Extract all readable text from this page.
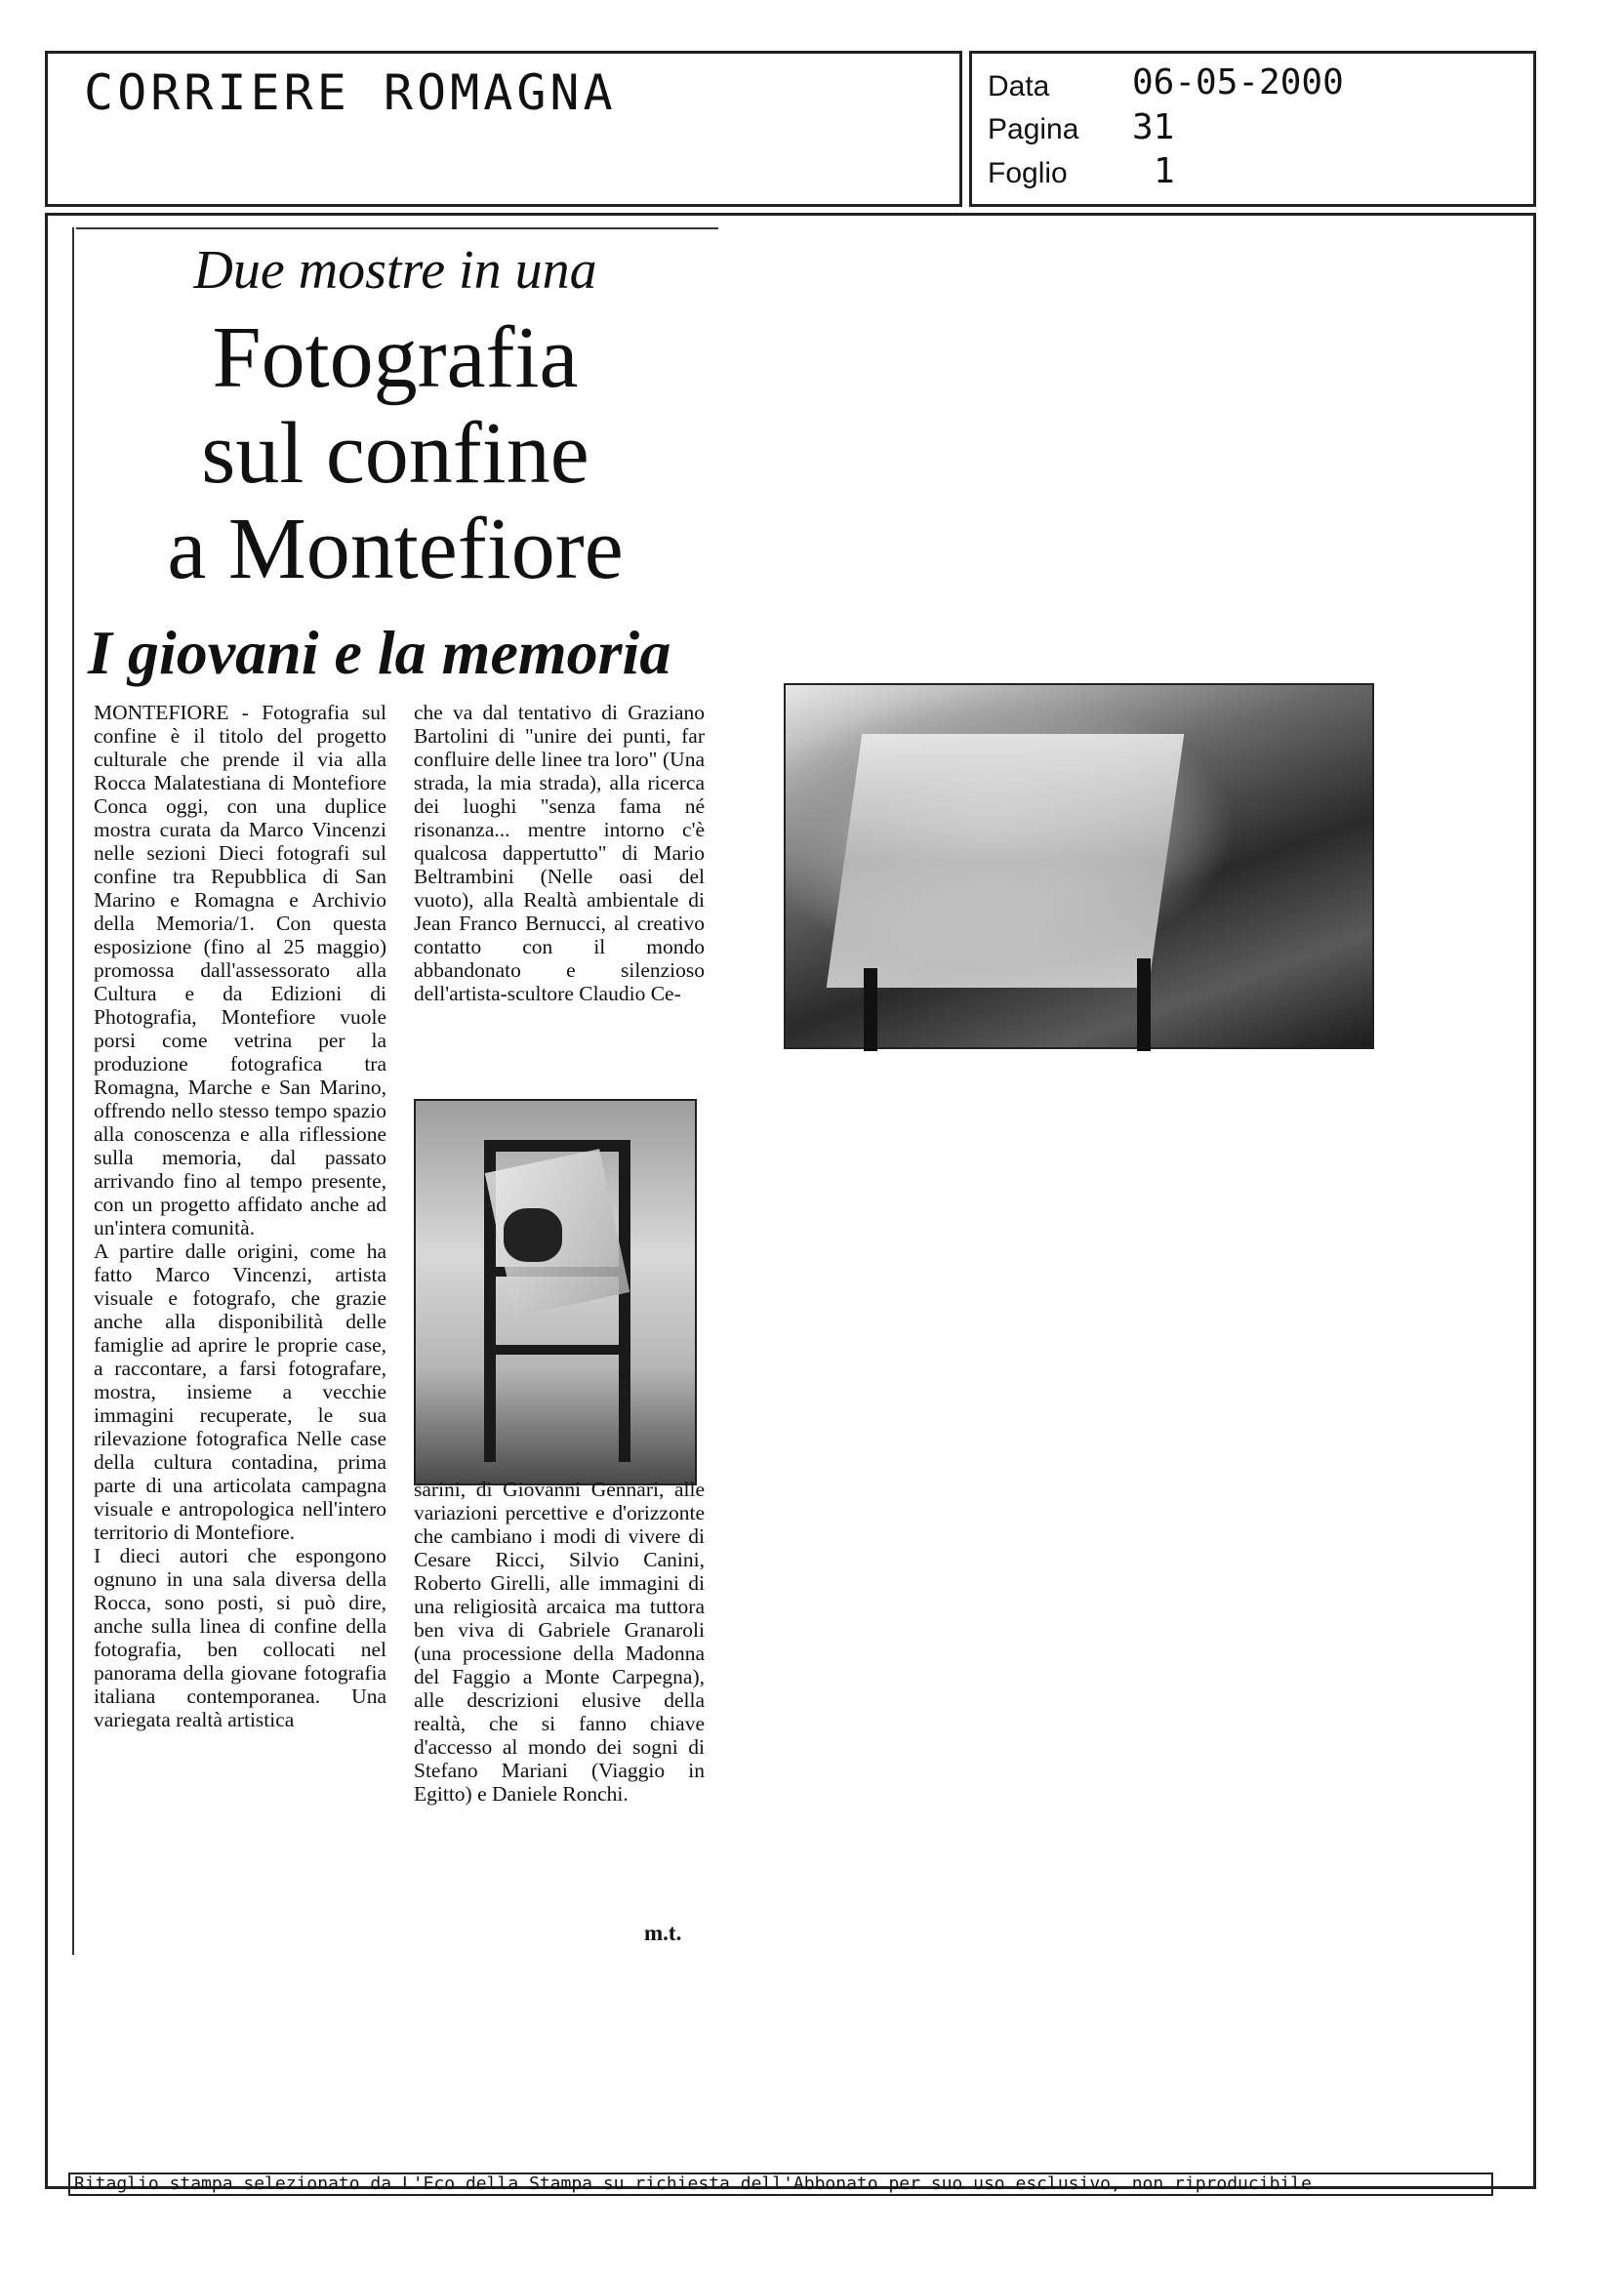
CORRIERE ROMAGNA	Data 06-05-2000
Pagina 31
Foglio 1
Due mostre in una
Fotografia
sul confine
a Montefiore
I giovani e la memoria

MONTEFIORE - Fotografia sul confine è il titolo del progetto culturale che prende il via alla Rocca Malatestiana di Montefiore Conca oggi, con una duplice mostra curata da Marco Vincenzi nelle sezioni Dieci fotografi sul confine tra Repubblica di San Marino e Romagna e Archivio della Memoria/1. Con questa esposizione (fino al 25 maggio) promossa dall'assessorato alla Cultura e da Edizioni di Photografia, Montefiore vuole porsi come vetrina per la produzione fotografica tra Romagna, Marche e San Marino, offrendo nello stesso tempo spazio alla conoscenza e alla riflessione sulla memoria, dal passato arrivando fino al tempo presente, con un progetto affidato anche ad un'intera comunità.

A partire dalle origini, come ha fatto Marco Vincenzi, artista visuale e fotografo, che grazie anche alla disponibilità delle famiglie ad aprire le proprie case, a raccontare, a farsi fotografare, mostra, insieme a vecchie immagini recuperate, le sua rilevazione fotografica Nelle case della cultura contadina, prima parte di una articolata campagna visuale e antropologica nell'intero territorio di Montefiore.

I dieci autori che espongono ognuno in una sala diversa della Rocca, sono posti, si può dire, anche sulla linea di confine della fotografia, ben collocati nel panorama della giovane fotografia italiana contemporanea. Una variegata realtà artistica

che va dal tentativo di Graziano Bartolini di "unire dei punti, far confluire delle linee tra loro" (Una strada, la mia strada), alla ricerca dei luoghi "senza fama né risonanza... mentre intorno c'è qualcosa dappertutto" di Mario Beltrambini (Nelle oasi del vuoto), alla Realtà ambientale di Jean Franco Bernucci, al creativo contatto con il mondo abbandonato e silenzioso dell'artista-scultore Claudio Ce-

sarini, di Giovanni Gennari, alle variazioni percettive e d'orizzonte che cambiano i modi di vivere di Cesare Ricci, Silvio Canini, Roberto Girelli, alle immagini di una religiosità arcaica ma tuttora ben viva di Gabriele Granaroli (una processione della Madonna del Faggio a Monte Carpegna), alle descrizioni elusive della realtà, che si fanno chiave d'accesso al mondo dei sogni di Stefano Mariani (Viaggio in Egitto) e Daniele Ronchi.

m.t.
Ritaglio stampa selezionato da L'Eco della Stampa su richiesta dell'Abbonato per suo uso esclusivo, non riproducibile
